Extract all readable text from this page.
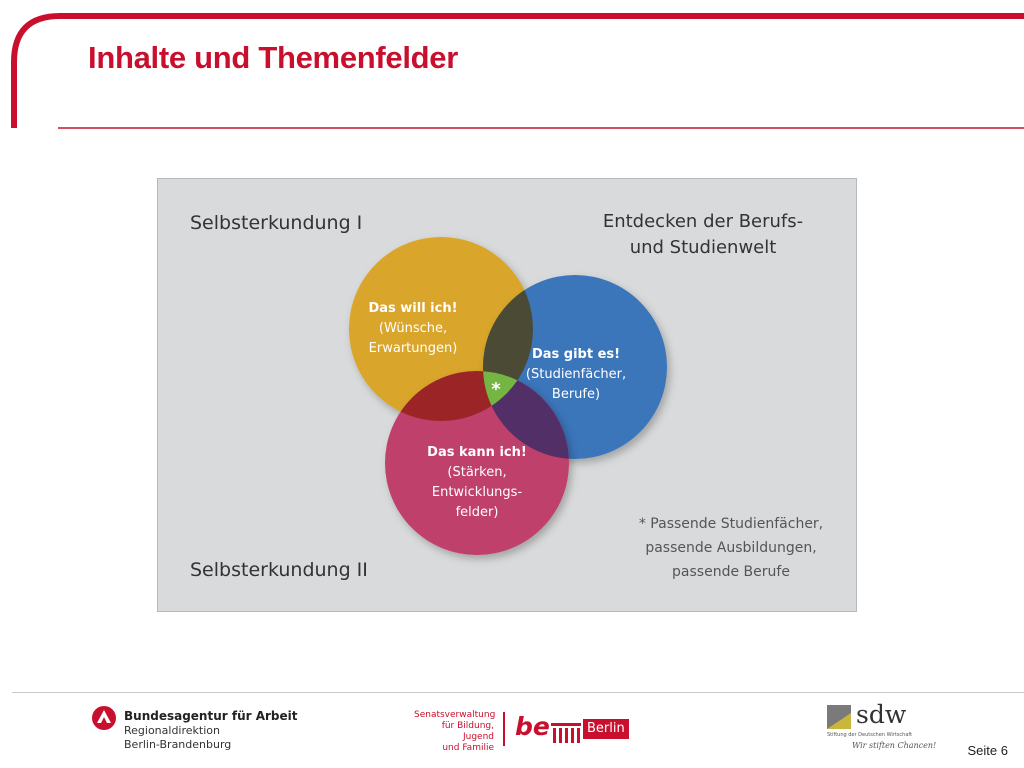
Inhalte und Themenfelder
Selbsterkundung I	Entdecken der Berufs-
und Studienwelt
Selbsterkundung II
Das will ich!
(Wünsche,
Erwartungen)	Das gibt es!
(Studienfächer,
Berufe)
Das kann ich!
(Stärken,
Entwicklungs-
felder)
*
* Passende Studienfächer,
passende Ausbildungen,
passende Berufe
Bundesagentur für Arbeit
Regionaldirektion
Berlin-Brandenburg
Senatsverwaltung
für Bildung, Jugend
und Familie
be	Berlin	sdw
Stiftung der Deutschen Wirtschaft
Wir stiften Chancen! Seite 6
